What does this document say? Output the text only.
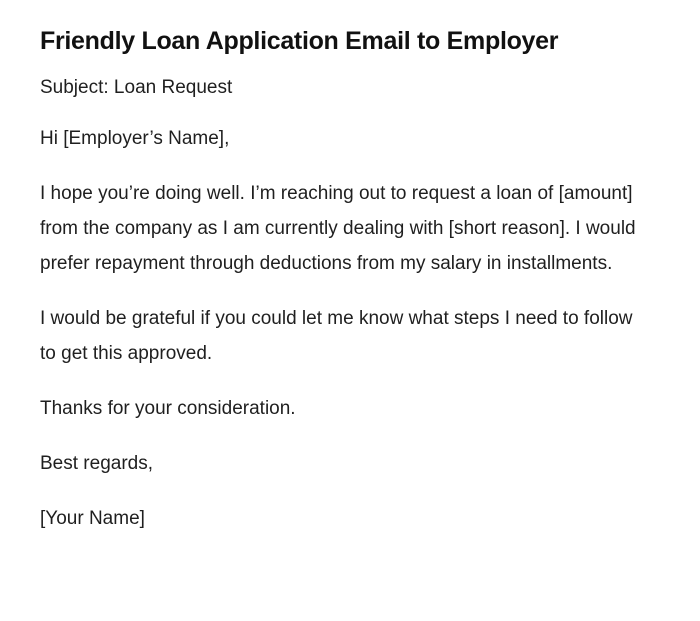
Friendly Loan Application Email to Employer

Subject: Loan Request

Hi [Employer’s Name],

I hope you’re doing well. I’m reaching out to request a loan of [amount] from the company as I am currently dealing with [short reason]. I would prefer repayment through deductions from my salary in installments.

I would be grateful if you could let me know what steps I need to follow to get this approved.

Thanks for your consideration.

Best regards,

[Your Name]
